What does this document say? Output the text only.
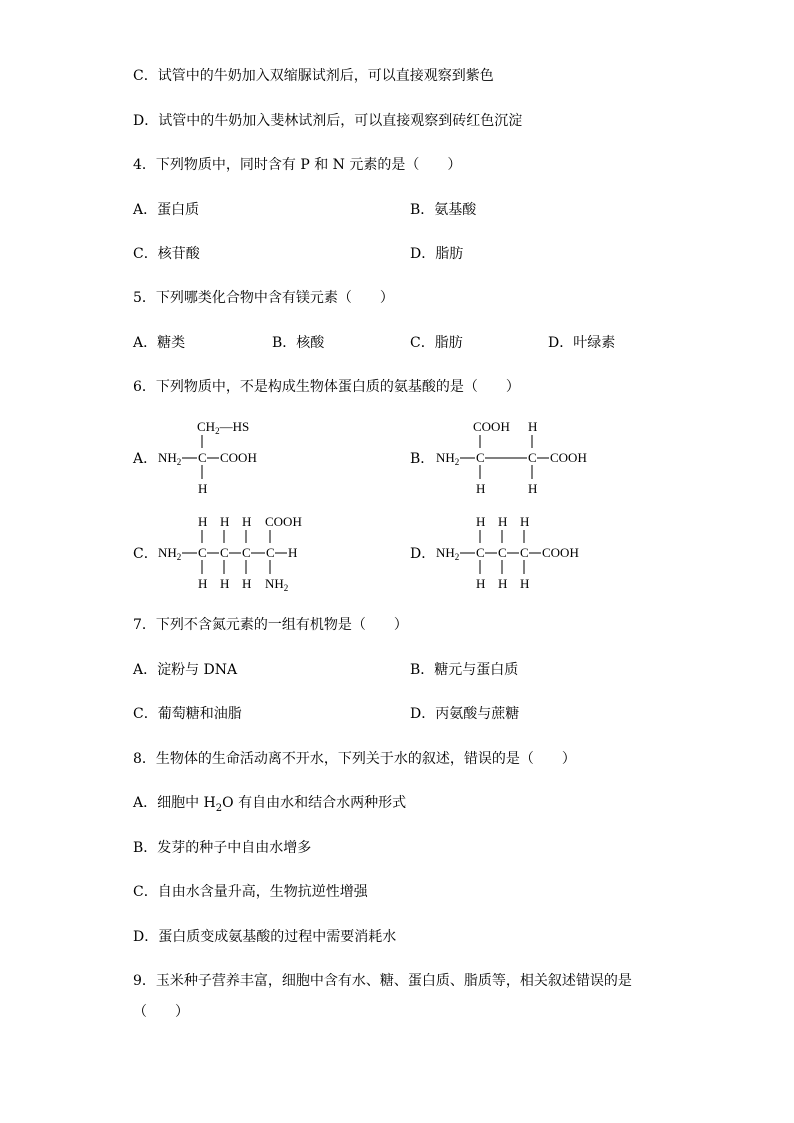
C．试管中的牛奶加入双缩脲试剂后，可以直接观察到紫色
D．试管中的牛奶加入斐林试剂后，可以直接观察到砖红色沉淀
4．下列物质中，同时含有 P 和 N 元素的是（　　）
A．蛋白质	B．氨基酸
C．核苷酸	D．脂肪
5．下列哪类化合物中含有镁元素（　　）
A．糖类	B．核酸	C．脂肪	D．叶绿素
6．下列物质中，不是构成生物体蛋白质的氨基酸的是（　　）
A．
$CH_2—HS$
$NH_2$ C COOH
H
B．
COOH H
$NH_2$ C	C COOH
H	H
C．
H H H COOH
$NH_2$ C C C C H
H H H $NH_2$
D．
H H H
$NH_2$ C C C COOH
H H H
7．下列不含氮元素的一组有机物是（　　）
A．淀粉与 DNA	B．糖元与蛋白质
C．葡萄糖和油脂	D．丙氨酸与蔗糖
8．生物体的生命活动离不开水，下列关于水的叙述，错误的是（　　）
A．细胞中 $H_2O$ 有自由水和结合水两种形式
B．发芽的种子中自由水增多
C．自由水含量升高，生物抗逆性增强
D．蛋白质变成氨基酸的过程中需要消耗水
9．玉米种子营养丰富，细胞中含有水、糖、蛋白质、脂质等，相关叙述错误的是
（　　）
